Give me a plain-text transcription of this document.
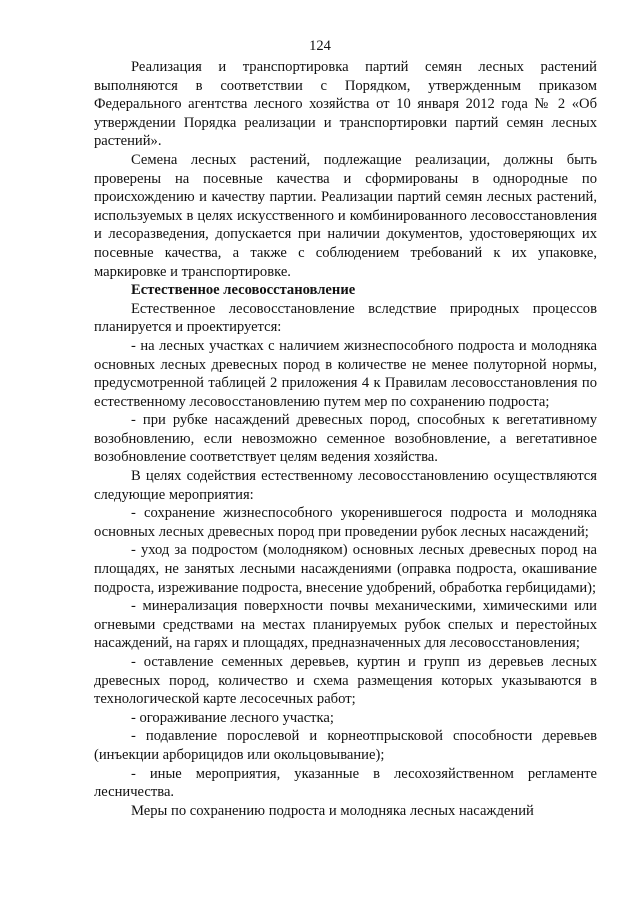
124

Реализация и транспортировка партий семян лесных растений выполняются в соответствии с Порядком, утвержденным приказом Федерального агентства лесного хозяйства от 10 января 2012 года № 2 «Об утверждении Порядка реализации и транспортировки партий семян лесных растений».

Семена лесных растений, подлежащие реализации, должны быть проверены на посевные качества и сформированы в однородные по происхождению и качеству партии. Реализации партий семян лесных растений, используемых в целях искусственного и комбинированного лесовосстановления и лесоразведения, допускается при наличии документов, удостоверяющих их посевные качества, а также с соблюдением требований к их упаковке, маркировке и транспортировке.

Естественное лесовосстановление

Естественное лесовосстановление вследствие природных процессов планируется и проектируется:

- на лесных участках с наличием жизнеспособного подроста и молодняка основных лесных древесных пород в количестве не менее полуторной нормы, предусмотренной таблицей 2 приложения 4 к Правилам лесовосстановления по естественному лесовосстановлению путем мер по сохранению подроста;

- при рубке насаждений древесных пород, способных к вегетативному возобновлению, если невозможно семенное возобновление, а вегетативное возобновление соответствует целям ведения хозяйства.

В целях содействия естественному лесовосстановлению осуществляются следующие мероприятия:

- сохранение жизнеспособного укоренившегося подроста и молодняка основных лесных древесных пород при проведении рубок лесных насаждений;

- уход за подростом (молодняком) основных лесных древесных пород на площадях, не занятых лесными насаждениями (оправка подроста, окашивание подроста, изреживание подроста, внесение удобрений, обработка гербицидами);

- минерализация поверхности почвы механическими, химическими или огневыми средствами на местах планируемых рубок спелых и перестойных насаждений, на гарях и площадях, предназначенных для лесовосстановления;

- оставление семенных деревьев, куртин и групп из деревьев лесных древесных пород, количество и схема размещения которых указываются в технологической карте лесосечных работ;

- огораживание лесного участка;

- подавление порослевой и корнеотпрысковой способности деревьев (инъекции арборицидов или окольцовывание);

- иные мероприятия, указанные в лесохозяйственном регламенте лесничества.

Меры по сохранению подроста и молодняка лесных насаждений
